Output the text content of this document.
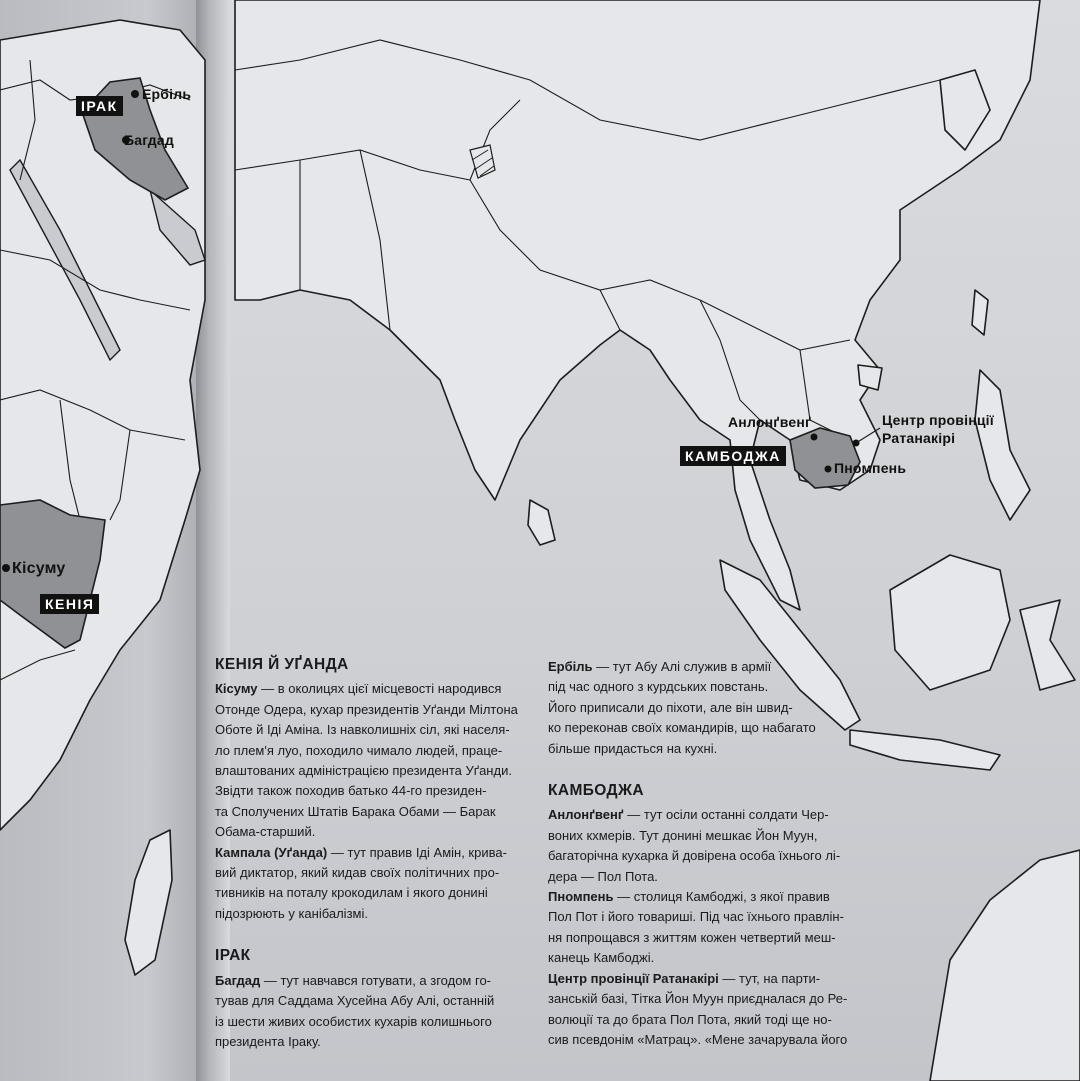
ІРАК
Ербіль
Багдад
Кісуму
КЕНІЯ
Анлонґвенґ	Центр провінції
Ратанакірі
Пномпень
КАМБОДЖА
КЕНІЯ Й УҐАНДА

Кісуму — в околицях цієї місцевості народився

Отонде Одера, кухар президентів Уґанди Мілтона

Оботе й Іді Аміна. Із навколишніх сіл, які населя-

ло плем'я луо, походило чимало людей, праце-

влаштованих адміністрацією президента Уґанди.

Звідти також походив батько 44-го президен-

та Сполучених Штатів Барака Обами — Барак

Обама-старший.

Кампала (Уґанда) — тут правив Іді Амін, крива-

вий диктатор, який кидав своїх політичних про-

тивників на поталу крокодилам і якого донині

підозрюють у канібалізмі.

ІРАК

Багдад — тут навчався готувати, а згодом го-

тував для Саддама Хусейна Абу Алі, останній

із шести живих особистих кухарів колишнього

президента Іраку.

Ербіль — тут Абу Алі служив в армії

під час одного з курдських повстань.

Його приписали до піхоти, але він швид-

ко переконав своїх командирів, що набагато

більше придасться на кухні.

КАМБОДЖА

Анлонґвенґ — тут осіли останні солдати Чер-

воних кхмерів. Тут донині мешкає Йон Муун,

багаторічна кухарка й довірена особа їхнього лі-

дера — Пол Пота.

Пномпень — столиця Камбоджі, з якої правив

Пол Пот і його товариші. Під час їхнього правлін-

ня попрощався з життям кожен четвертий меш-

канець Камбоджі.

Центр провінції Ратанакірі — тут, на парти-

занській базі, Тітка Йон Муун приєдналася до Ре-

волюції та до брата Пол Пота, який тоді ще но-

сив псевдонім «Матрац». «Мене зачарувала його
